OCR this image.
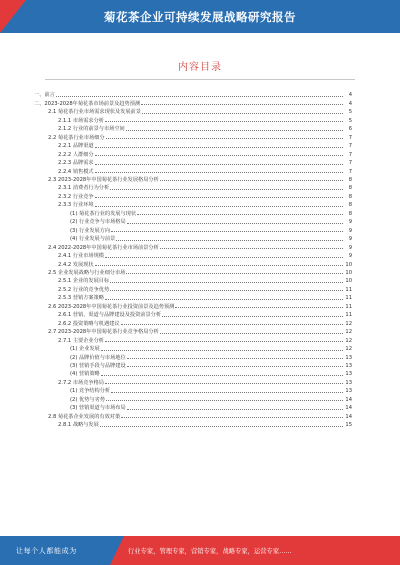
菊花茶企业可持续发展战略研究报告
内容目录
一、前言	4
二、2023-2028年菊花茶市场前景及趋势预测	4
2.1 菊花茶行业市场需求现状及发展前景	5
2.1.1 市场需求分析	5
2.1.2 行业的前景与市场空间	6
2.2 菊花茶行业市场细分	7
2.2.1 品牌渠道	7
2.2.2 人群细分	7
2.2.3 品牌需求	7
2.2.4 销售模式	7
2.3 2023-2028年中国菊花茶行业发展格局分析	8
2.3.1 消费者行为分析	8
2.3.2 行业竞争	8
2.3.3 行业环境	8
(1) 菊花茶行业的发展与现状	8
(2) 行业竞争与市场格局	9
(3) 行业发展方向	9
(4) 行业发展与前景	9
2.4 2022-2028年中国菊花茶行业市场前景分析	9
2.4.1 行业市场规模	9
2.4.2 发展现状	10
2.5 企业发展战略与行业细分市场	10
2.5.1 企业的发展目标	10
2.5.2 行业的竞争优势	11
2.5.3 营销方案策略	11
2.6 2023-2028年中国菊花茶行业投资前景及趋势预测	11
2.6.1 营销、渠道与品牌建设及投资前景分析	11
2.6.2 投资策略与机遇建议	12
2.7 2023-2028年中国菊花茶行业竞争格局分析	12
2.7.1 主要企业分析	12
(1) 企业发展	12
(2) 品牌价值与市场地位	13
(3) 营销手段与品牌建设	13
(4) 营销策略	13
2.7.2 市场竞争格局	13
(1) 竞争结构分析	13
(2) 优势与劣势	14
(3) 营销渠道与市场布局	14
2.8 菊花茶企业发展的有效对策	14
2.8.1 战略与发展	15
让每个人都能成为	行业专家，管理专家，营销专家，战略专家，运营专家……
